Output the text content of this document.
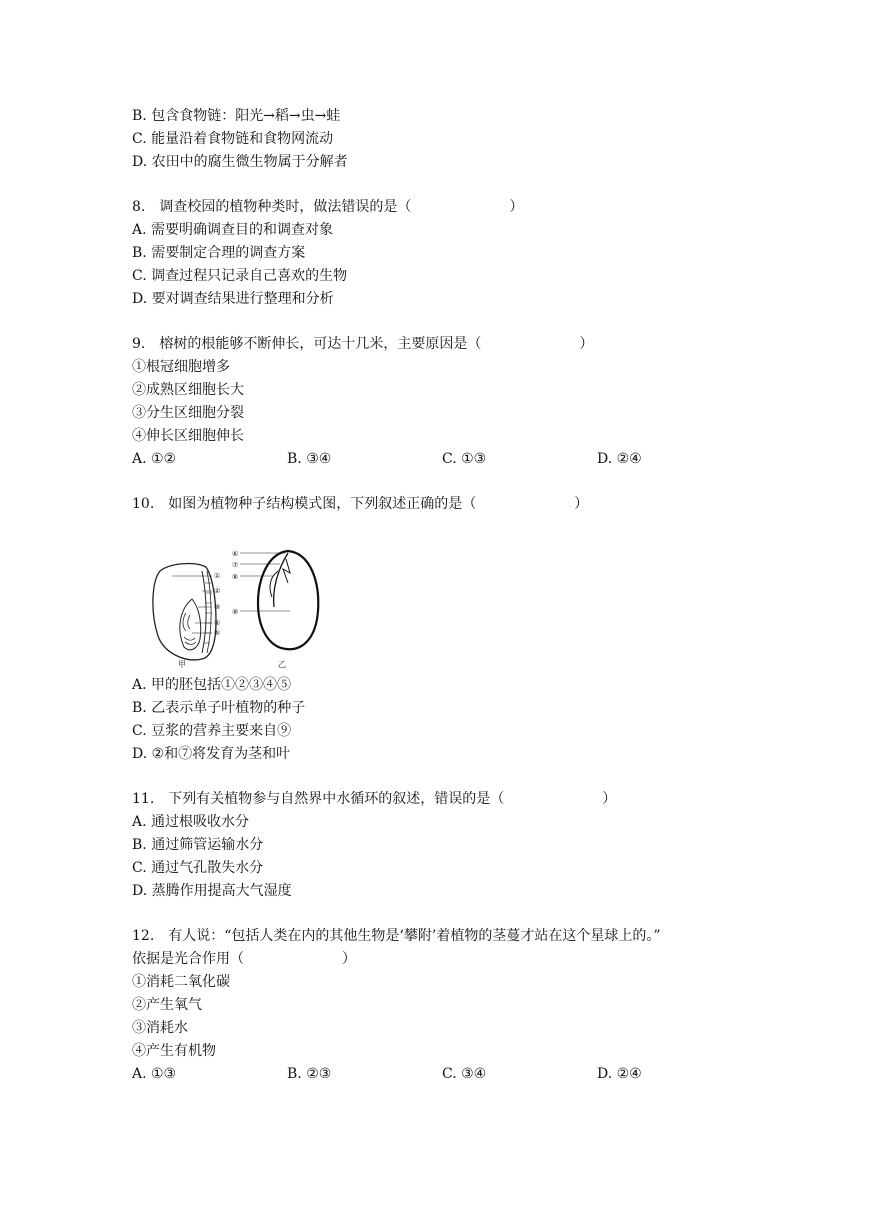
B. 包含食物链：阳光→稻→虫→蛙
C. 能量沿着食物链和食物网流动
D. 农田中的腐生微生物属于分解者
8.　调查校园的植物种类时，做法错误的是（　　　　　　　）
A. 需要明确调查目的和调查对象
B. 需要制定合理的调查方案
C. 调查过程只记录自己喜欢的生物
D. 要对调查结果进行整理和分析
9.　榕树的根能够不断伸长，可达十几米，主要原因是（　　　　　　　）
①根冠细胞增多
②成熟区细胞长大
③分生区细胞分裂
④伸长区细胞伸长
A. ①②	B. ③④	C. ①③	D. ②④
10.　如图为植物种子结构模式图，下列叙述正确的是（　　　　　　　）
①
②
③
④
⑤
甲
⑥
⑦
⑧
⑨
乙
A. 甲的胚包括①②③④⑤
B. 乙表示单子叶植物的种子
C. 豆浆的营养主要来自⑨
D. ②和⑦将发育为茎和叶
11.　下列有关植物参与自然界中水循环的叙述，错误的是（　　　　　　　）
A. 通过根吸收水分
B. 通过筛管运输水分
C. 通过气孔散失水分
D. 蒸腾作用提高大气湿度
12.　有人说：“包括人类在内的其他生物是‘攀附’着植物的茎蔓才站在这个星球上的。”
依据是光合作用（　　　　　　　）
①消耗二氧化碳
②产生氧气
③消耗水
④产生有机物
A. ①③	B. ②③	C. ③④	D. ②④
